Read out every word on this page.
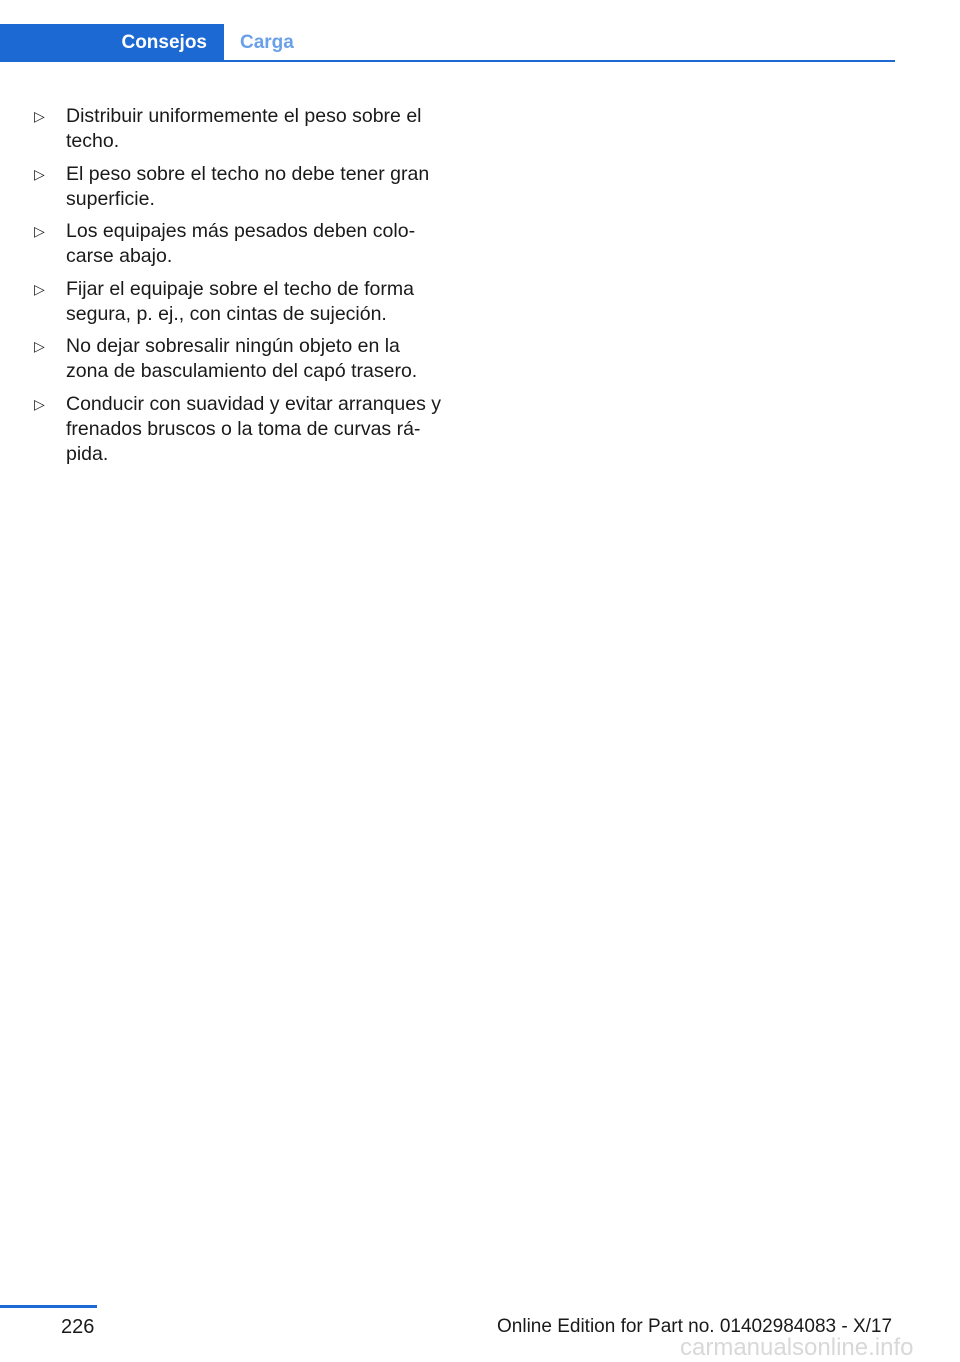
Consejos Carga
▷ Distribuir uniformemente el peso sobre el
techo.
▷ El peso sobre el techo no debe tener gran
superficie.
▷ Los equipajes más pesados deben colo‐
carse abajo.
▷ Fijar el equipaje sobre el techo de forma
segura, p. ej., con cintas de sujeción.
▷ No dejar sobresalir ningún objeto en la
zona de basculamiento del capó trasero.
▷ Conducir con suavidad y evitar arranques y
frenados bruscos o la toma de curvas rá‐
pida.
226	Online Edition for Part no. 01402984083 - X/17
carmanualsonline.info
